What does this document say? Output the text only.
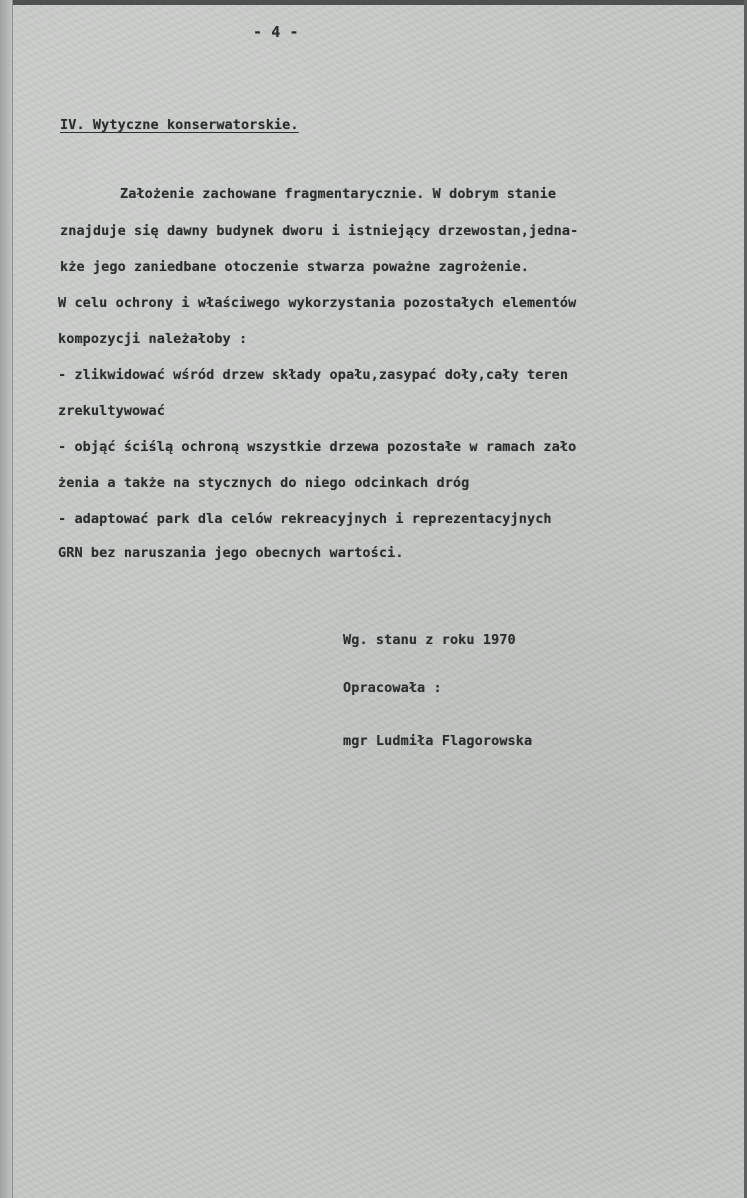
- 4 -
IV. Wytyczne konserwatorskie.
Założenie zachowane fragmentarycznie. W dobrym stanie
znajduje się dawny budynek dworu i istniejący drzewostan,jedna-
kże jego zaniedbane otoczenie stwarza poważne zagrożenie.
W celu ochrony i właściwego wykorzystania pozostałych elementów
kompozycji należałoby :
- zlikwidować wśród drzew składy opału,zasypać doły,cały teren
zrekultywować
- objąć ściślą ochroną wszystkie drzewa pozostałe w ramach zało
żenia a także na stycznych do niego odcinkach dróg
- adaptować park dla celów rekreacyjnych i reprezentacyjnych
GRN bez naruszania jego obecnych wartości.
Wg. stanu z roku 1970
Opracowała :
mgr Ludmiła Flagorowska
